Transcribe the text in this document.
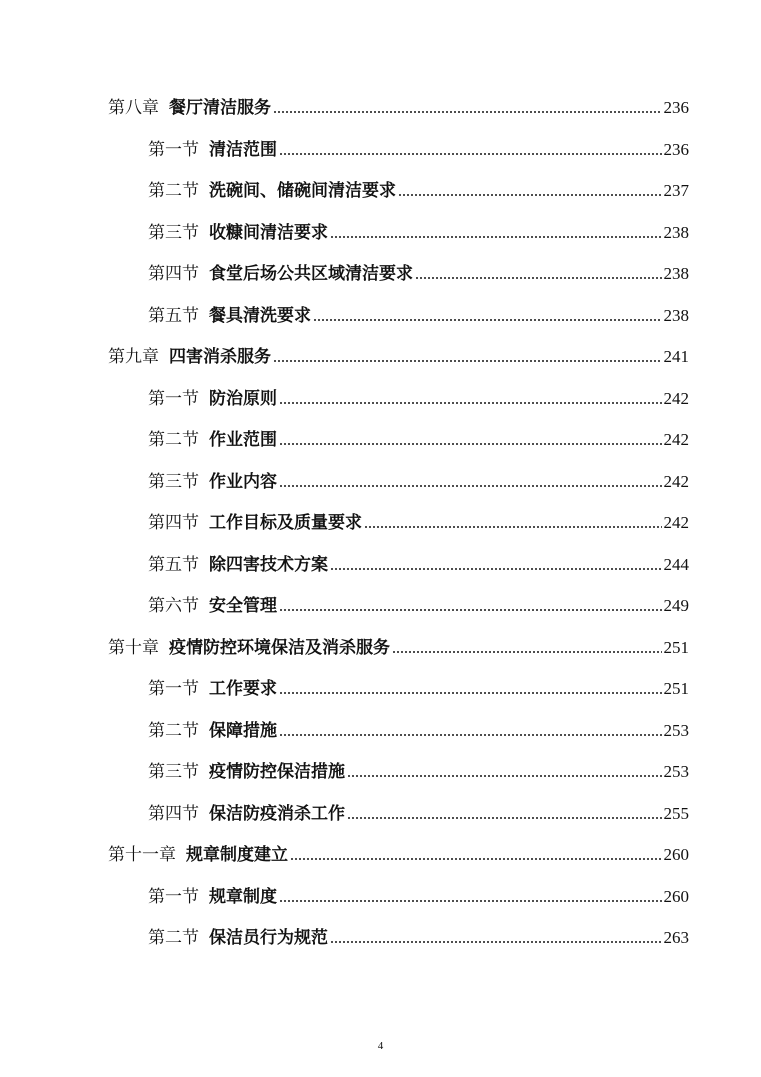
第八章 餐厅清洁服务	236
第一节 清洁范围	236
第二节 洗碗间、储碗间清洁要求	237
第三节 收糠间清洁要求	238
第四节 食堂后场公共区域清洁要求	238
第五节 餐具清洗要求	238
第九章 四害消杀服务	241
第一节 防治原则	242
第二节 作业范围	242
第三节 作业内容	242
第四节 工作目标及质量要求	242
第五节 除四害技术方案	244
第六节 安全管理	249
第十章 疫情防控环境保洁及消杀服务	251
第一节 工作要求	251
第二节 保障措施	253
第三节 疫情防控保洁措施	253
第四节 保洁防疫消杀工作	255
第十一章 规章制度建立	260
第一节 规章制度	260
第二节 保洁员行为规范	263
4
